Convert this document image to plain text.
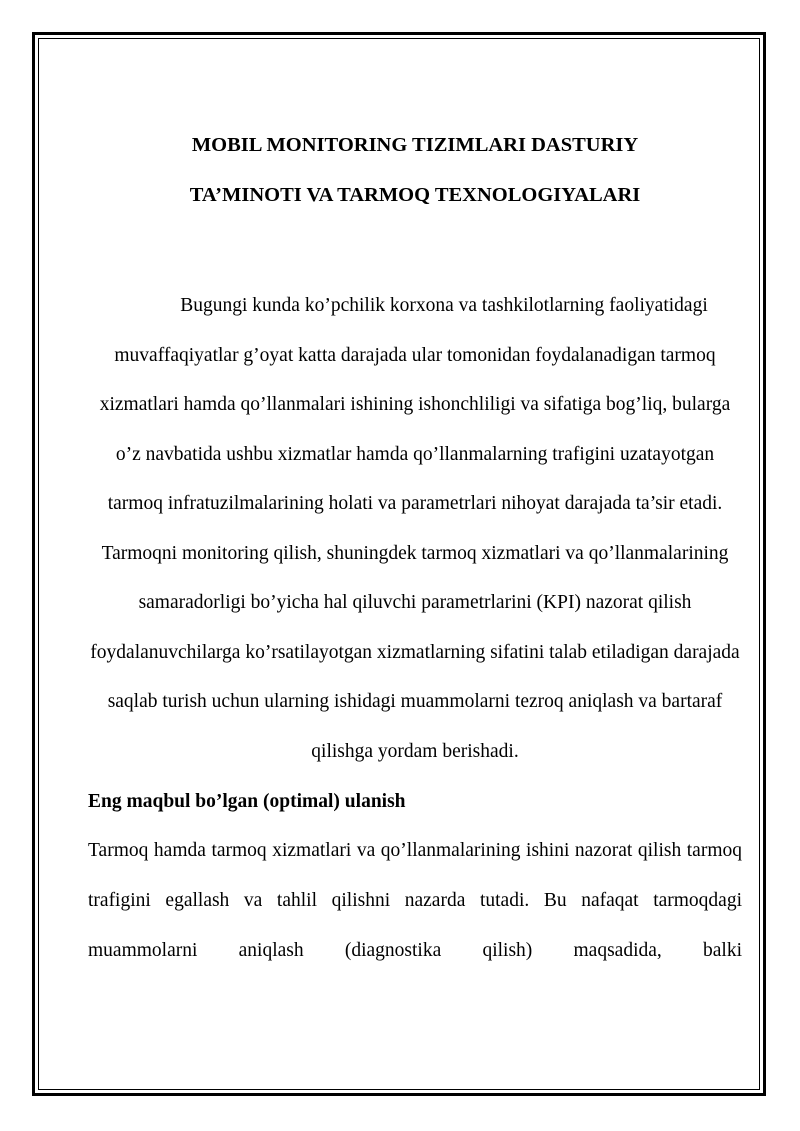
MOBIL MONITORING TIZIMLARI DASTURIY
TA’MINOTI VA TARMOQ TEXNOLOGIYALARI

Bugungi kunda ko’pchilik korxona va tashkilotlarning faoliyatidagi muvaffaqiyatlar g’oyat katta darajada ular tomonidan foydalanadigan tarmoq xizmatlari hamda qo’llanmalari ishining ishonchliligi va sifatiga bog’liq, bularga o’z navbatida ushbu xizmatlar hamda qo’llanmalarning trafigini uzatayotgan tarmoq infratuzilmalarining holati va parametrlari nihoyat darajada ta’sir etadi. Tarmoqni monitoring qilish, shuningdek tarmoq xizmatlari va qo’llanmalarining samaradorligi bo’yicha hal qiluvchi parametrlarini (KPI) nazorat qilish foydalanuvchilarga ko’rsatilayotgan xizmatlarning sifatini talab etiladigan darajada saqlab turish uchun ularning ishidagi muammolarni tezroq aniqlash va bartaraf qilishga yordam berishadi.

Eng maqbul bo’lgan (optimal) ulanish

Tarmoq hamda tarmoq xizmatlari va qo’llanmalarining ishini nazorat qilish tarmoq trafigini egallash va tahlil qilishni nazarda tutadi. Bu nafaqat tarmoqdagi muammolarni aniqlash (diagnostika qilish) maqsadida, balki
